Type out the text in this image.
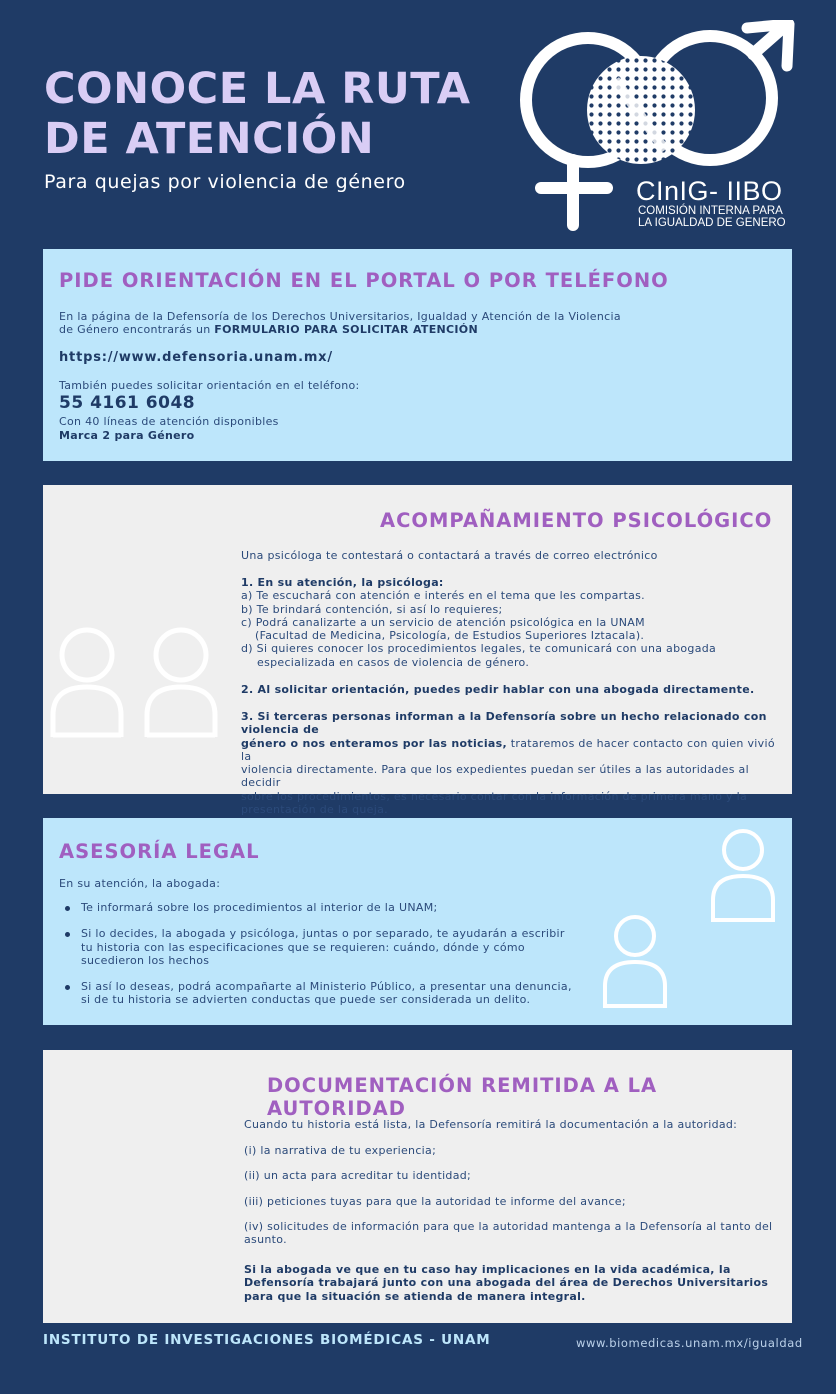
CONOCE LA RUTA
DE ATENCIÓN
Para quejas por violencia de género	CInIG- IIBO
COMISIÓN INTERNA PARA
LA IGUALDAD DE GENERO
PIDE ORIENTACIÓN EN EL PORTAL O POR TELÉFONO
En la página de la Defensoría de los Derechos Universitarios, Igualdad y Atención de la Violencia
de Género encontrarás un FORMULARIO PARA SOLICITAR ATENCIÓN
https://www.defensoria.unam.mx/
También puedes solicitar orientación en el teléfono:
55 4161 6048
Con 40 líneas de atención disponibles
Marca 2 para Género
ACOMPAÑAMIENTO PSICOLÓGICO
Una psicóloga te contestará o contactará a través de correo electrónico
1. En su atención, la psicóloga:
a) Te escuchará con atención e interés en el tema que les compartas.
b) Te brindará contención, si así lo requieres;
c) Podrá canalizarte a un servicio de atención psicológica en la UNAM
(Facultad de Medicina, Psicología, de Estudios Superiores Iztacala).
d) Si quieres conocer los procedimientos legales, te comunicará con una abogada
especializada en casos de violencia de género.
2. Al solicitar orientación, puedes pedir hablar con una abogada directamente.
3. Si terceras personas informan a la Defensoría sobre un hecho relacionado con violencia de
género o nos enteramos por las noticias, trataremos de hacer contacto con quien vivió la
violencia directamente. Para que los expedientes puedan ser útiles a las autoridades al decidir
sobre los procedimientos, es necesario contar con la información de primera mano y la
presentación de la queja.
ASESORÍA LEGAL
En su atención, la abogada:
Te informará sobre los procedimientos al interior de la UNAM;
Si lo decides, la abogada y psicóloga, juntas o por separado, te ayudarán a escribir tu historia con las especificaciones que se requieren: cuándo, dónde y cómo sucedieron los hechos
Si así lo deseas, podrá acompañarte al Ministerio Público, a presentar una denuncia, si de tu historia se advierten conductas que puede ser considerada un delito.
DOCUMENTACIÓN REMITIDA A LA AUTORIDAD
Cuando tu historia está lista, la Defensoría remitirá la documentación a la autoridad:
(i) la narrativa de tu experiencia;
(ii) un acta para acreditar tu identidad;
(iii) peticiones tuyas para que la autoridad te informe del avance;
(iv) solicitudes de información para que la autoridad mantenga a la Defensoría al tanto del asunto.
Si la abogada ve que en tu caso hay implicaciones en la vida académica, la Defensoría trabajará junto con una abogada del área de Derechos Universitarios para que la situación se atienda de manera integral.
INSTITUTO DE INVESTIGACIONES BIOMÉDICAS - UNAM	www.biomedicas.unam.mx/igualdad
